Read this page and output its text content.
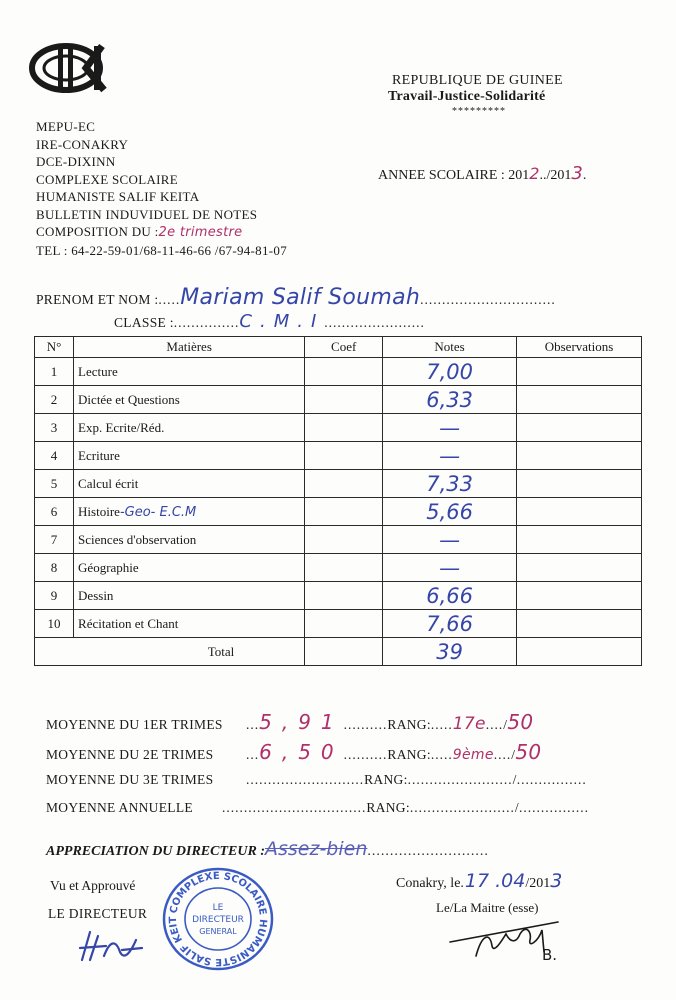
REPUBLIQUE DE GUINEE
Travail-Justice-Solidarité
*********
MEPU-EC
IRE-CONAKRY
DCE-DIXINN
COMPLEXE SCOLAIRE
HUMANISTE SALIF KEITA
BULLETIN INDUVIDUEL DE NOTES
COMPOSITION DU :2e trimestre
TEL : 64-22-59-01/68-11-46-66 /67-94-81-07
ANNEE SCOLAIRE : 2012../2013.
PRENOM ET NOM :.....Mariam Salif Soumah...............................
CLASSE :...............C.M.I.......................
N°	Matières	Coef	Notes	Observations
1	Lecture		7,00	
2	Dictée et Questions		6,33	
3	Exp. Ecrite/Réd.		—	
4	Ecriture		—	
5	Calcul écrit		7,33	
6	Histoire-Geo- E.C.M		5,66	
7	Sciences d'observation		—	
8	Géographie		—	
9	Dessin		6,66	
10	Récitation et Chant		7,66	
	Total		39	
MOYENNE DU 1ER TRIMES ...5,91..........RANG:.....17e..../50
MOYENNE DU 2E TRIMES ...6,50..........RANG:.....9ème..../50
MOYENNE DU 3E TRIMES ...........................RANG:......................../................
MOYENNE ANNUELLE .................................RANG:......................../................
APPRECIATION DU DIRECTEUR :Assez-bien...........................
Vu et Approuvé
LE DIRECTEUR	COMPLEXE SCOLAIRE HUMANISTE SALIF KEIT
LE
DIRECTEUR
GENERAL
Conakry, le.17 .04/2013
Le/La Maitre (esse)
B.
